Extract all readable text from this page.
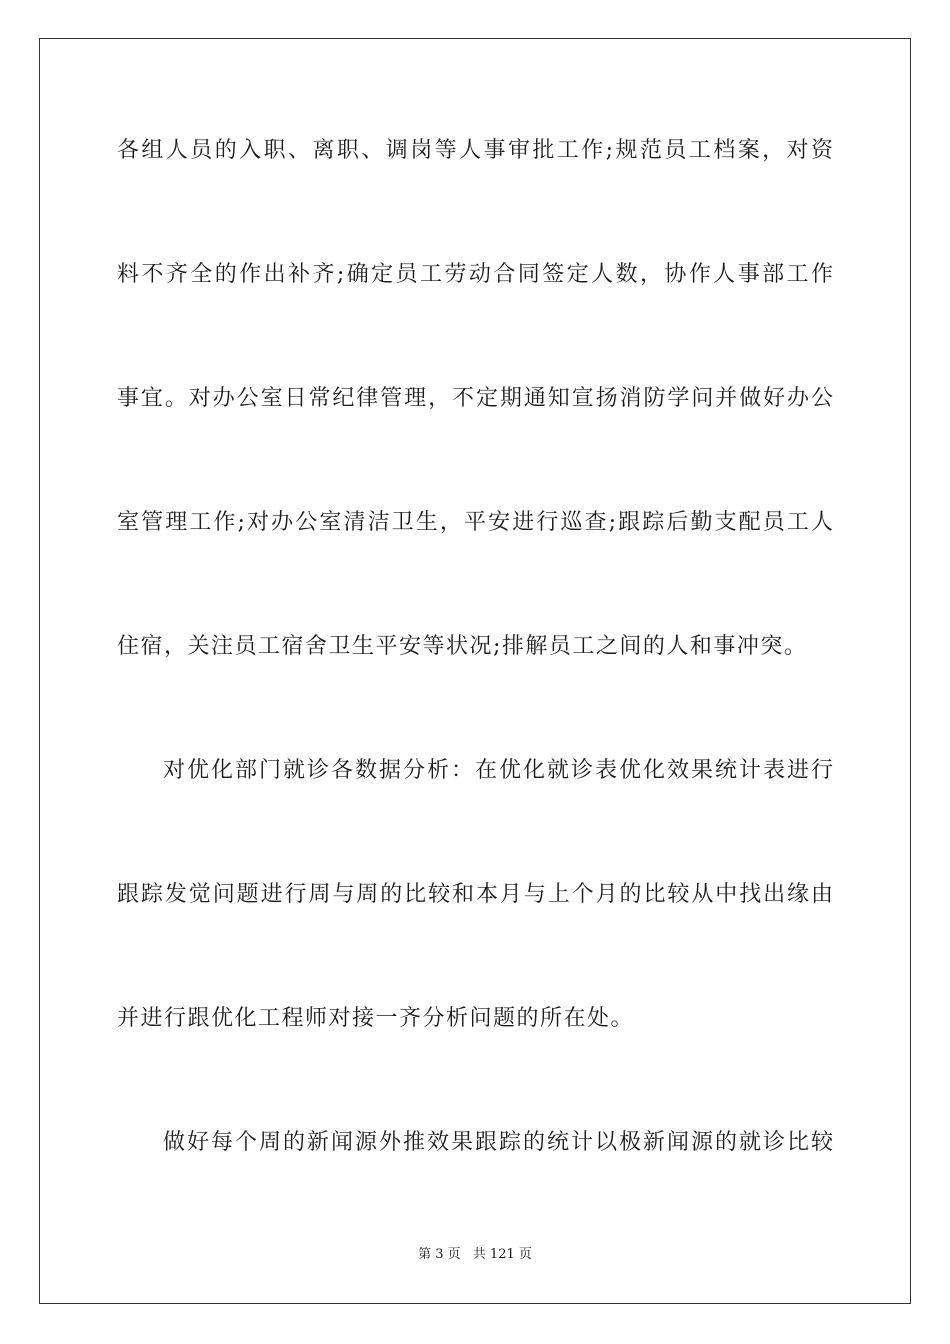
各组人员的入职、离职、调岗等人事审批工作;规范员工档案，对资
料不齐全的作出补齐;确定员工劳动合同签定人数，协作人事部工作
事宜。对办公室日常纪律管理，不定期通知宣扬消防学问并做好办公
室管理工作;对办公室清洁卫生，平安进行巡查;跟踪后勤支配员工人
住宿，关注员工宿舍卫生平安等状况;排解员工之间的人和事冲突。
对优化部门就诊各数据分析：在优化就诊表优化效果统计表进行
跟踪发觉问题进行周与周的比较和本月与上个月的比较从中找出缘由
并进行跟优化工程师对接一齐分析问题的所在处。
做好每个周的新闻源外推效果跟踪的统计以极新闻源的就诊比较
第 3 页 共 121 页
